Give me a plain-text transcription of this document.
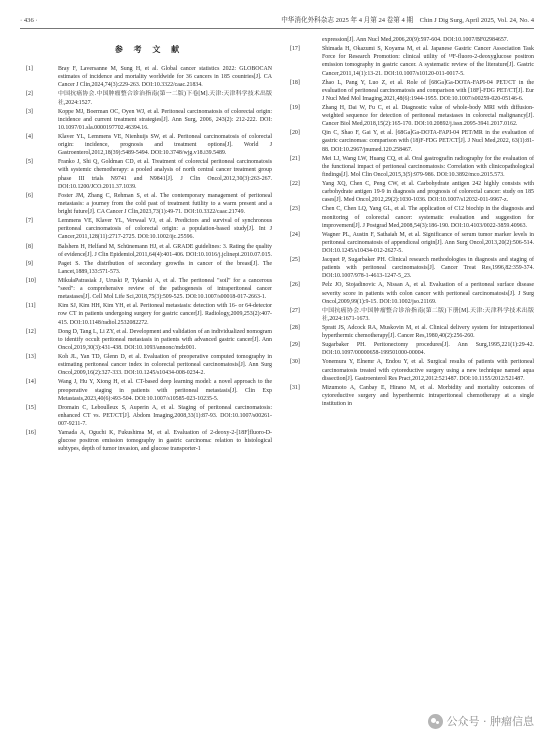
· 436 ·	中华消化外科杂志 2025 年 4 月第 24 卷第 4 期　Chin J Dig Surg, April 2025, Vol. 24, No. 4
参 考 文 献
[1]	Bray F, Laversanne M, Sung H, et al. Global cancer statistics 2022: GLOBOCAN estimates of incidence and mortality worldwide for 36 cancers in 185 countries[J]. CA Cancer J Clin,2024,74(3):229-263. DOI:10.3322/caac.21834.
[2]	中国抗癌协会.中国肿瘤整合诊治指南(第一二版)下卷[M].天津:天津科学技术出版社,2024:1527.
[3]	Koppe MJ, Boerman OC, Oyen WJ, et al. Peritoneal carcinomatosis of colorectal origin: incidence and current treatment strategies[J]. Ann Surg, 2006, 243(2): 212-222. DOI: 10.1097/01.sla.0000197702.46394.16.
[4]	Klaver YL, Lemmens VE, Nienhuijs SW, et al. Peritoneal carcinomatosis of colorectal origin: incidence, prognosis and treatment options[J]. World J Gastroenterol,2012,18(39):5489-5494. DOI:10.3748/wjg.v18.i39.5489.
[5]	Franko J, Shi Q, Goldman CD, et al. Treatment of colorectal peritoneal carcinomatosis with systemic chemotherapy: a pooled analysis of north central cancer treatment group phase III trials N9741 and N9841[J]. J Clin Oncol,2012,30(3):263-267. DOI:10.1200/JCO.2011.37.1039.
[6]	Foster JM, Zhang C, Rehman S, et al. The contemporary management of peritoneal metastasis: a journey from the cold past of treatment futility to a warm present and a bright future[J]. CA Cancer J Clin,2023,73(1):49-71. DOI:10.3322/caac.21749.
[7]	Lemmens VE, Klaver YL, Verwaal VJ, et al. Predictors and survival of synchronous peritoneal carcinomatosis of colorectal origin: a population-based study[J]. Int J Cancer,2011,128(11):2717-2725. DOI:10.1002/ijc.25596.
[8]	Balshem H, Helfand M, Schünemann HJ, et al. GRADE guidelines: 3. Rating the quality of evidence[J]. J Clin Epidemiol,2011,64(4):401-406. DOI:10.1016/j.jclinepi.2010.07.015.
[9]	Paget S. The distribution of secondary growths in cancer of the breast[J]. The Lancet,1889,133:571-573.
[10]	MikułaPatrasiak J, Uruski P, Tykarski A, et al. The peritoneal "soil" for a cancerous "seed": a comprehensive review of the pathogenesis of intraperitoneal cancer metastases[J]. Cell Mol Life Sci,2018,75(3):509-525. DOI:10.1007/s00018-017-2663-1.
[11]	Kim SJ, Kim HH, Kim YH, et al. Peritoneal metastasis: detection with 16- or 64-detector row CT in patients undergoing surgery for gastric cancer[J]. Radiology,2009,253(2):407-415. DOI:10.1148/radiol.2532082272.
[12]	Dong D, Tang L, Li ZY, et al. Development and validation of an individualized nomogram to identify occult peritoneal metastasis in patients with advanced gastric cancer[J]. Ann Oncol,2019,30(3):431-438. DOI:10.1093/annonc/mdz001.
[13]	Koh JL, Yan TD, Glenn D, et al. Evaluation of preoperative computed tomography in estimating peritoneal cancer index in colorectal peritoneal carcinomatosis[J]. Ann Surg Oncol,2009,16(2):327-333. DOI:10.1245/s10434-008-0234-2.
[14]	Wang J, Hu Y, Xiong H, et al. CT-based deep learning model: a novel approach to the preoperative staging in patients with peritoneal metastasis[J]. Clin Exp Metastasis,2023,40(6):493-504. DOI:10.1007/s10585-023-10235-5.
[15]	Dromain C, Leboulleux S, Auperin A, et al. Staging of peritoneal carcinomatosis: enhanced CT vs. PET/CT[J]. Abdom Imaging,2008,33(1):87-93. DOI:10.1007/s00261-007-9211-7.
[16]	Yamada A, Oguchi K, Fukushima M, et al. Evaluation of 2-deoxy-2-[18F]fluoro-D-glucose positron emission tomography in gastric carcinoma: relation to histological subtypes, depth of tumor invasion, and glucose transporter-1
expression[J]. Ann Nucl Med,2006,20(9):597-604. DOI:10.1007/BF02984657.
[17]	Shimada H, Okazumi S, Koyama M, et al. Japanese Gastric Cancer Association Task Force for Research Promotion: clinical utility of ¹⁸F-fluoro-2-deoxyglucose positron emission tomography in gastric cancer. A systematic review of the literature[J]. Gastric Cancer,2011,14(1):13-21. DOI:10.1007/s10120-011-0017-5.
[18]	Zhao L, Pang Y, Luo Z, et al. Role of [68Ga]Ga-DOTA-FAPI-04 PET/CT in the evaluation of peritoneal carcinomatosis and comparison with [18F]-FDG PET/CT[J]. Eur J Nucl Med Mol Imaging,2021,48(6):1944-1955. DOI:10.1007/s00259-020-05146-6.
[19]	Zhang H, Dai W, Fu C, et al. Diagnostic value of whole-body MRI with diffusion-weighted sequence for detection of peritoneal metastases in colorectal malignancy[J]. Cancer Biol Med,2018,15(2):165-170. DOI:10.20892/j.issn.2095-3941.2017.0162.
[20]	Qin C, Shao F, Gai Y, et al. [68Ga]Ga-DOTA-FAPI-04 PET/MR in the evaluation of gastric carcinomas: comparison with (18)F-FDG PET/CT[J]. J Nucl Med,2022, 63(1):81-88. DOI:10.2967/jnumed.120.258467.
[21]	Mei LJ, Wang LW, Huang CQ, et al. Oral gastrografin radiography for the evaluation of the functional impact of peritoneal carcinomatosis: Correlation with clinicopathological findings[J]. Mol Clin Oncol,2015,3(5):979-986. DOI:10.3892/mco.2015.573.
[22]	Yang XQ, Chen C, Peng CW, et al. Carbohydrate antigen 242 highly consists with carbohydrate antigen 19-9 in diagnosis and prognosis of colorectal cancer: study on 185 cases[J]. Med Oncol,2012,29(2):1030-1036. DOI:10.1007/s12032-011-9967-z.
[23]	Chen C, Chen LQ, Yang GL, et al. The application of C12 biochip in the diagnosis and monitoring of colorectal cancer: systematic evaluation and suggestion for improvement[J]. J Postgrad Med,2008,54(3):186-190. DOI:10.4103/0022-3859.40963.
[24]	Wagner PL, Austin F, Sathaiah M, et al. Significance of serum tumor marker levels in peritoneal carcinomatosis of appendiceal origin[J]. Ann Surg Oncol,2013,20(2):506-514. DOI:10.1245/s10434-012-2627-5.
[25]	Jacquet P, Sugarbaker PH. Clinical research methodologies in diagnosis and staging of patients with peritoneal carcinomatosis[J]. Cancer Treat Res,1996,82:359-374. DOI:10.1007/978-1-4613-1247-5_23.
[26]	Pelz JO, Stojadinovic A, Nissan A, et al. Evaluation of a peritoneal surface disease severity score in patients with colon cancer with peritoneal carcinomatosis[J]. J Surg Oncol,2009,99(1):9-15. DOI:10.1002/jso.21169.
[27]	中国抗癌协会.中国肿瘤整合诊治指南(第二版)下册[M].天津:天津科学技术出版社,2024:1671-1673.
[28]	Spratt JS, Adcock RA, Muskovin M, et al. Clinical delivery system for intraperitoneal hyperthermic chemotherapy[J]. Cancer Res,1980,40(2):256-260.
[29]	Sugarbaker PH. Peritonectomy procedures[J]. Ann Surg,1995,221(1):29-42. DOI:10.1097/00000658-199501000-00004.
[30]	Yonemura Y, Elnemr A, Endou Y, et al. Surgical results of patients with peritoneal carcinomatosis treated with cytoreductive surgery using a new technique named aqua dissection[J]. Gastroenterol Res Pract,2012,2012:521487. DOI:10.1155/2012/521487.
[31]	Mizumoto A, Canbay E, Hirano M, et al. Morbidity and mortality outcomes of cytoreductive surgery and hyperthermic intraperitoneal chemotherapy at a single institution in
公众号 · 肿瘤信息
